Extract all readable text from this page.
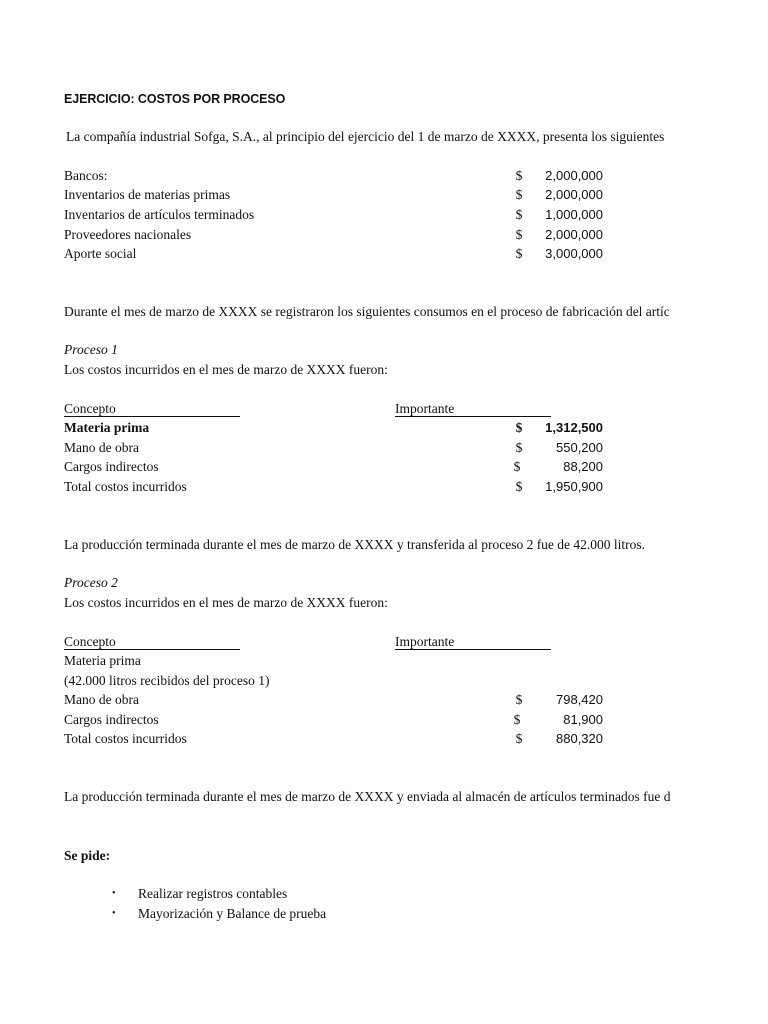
EJERCICIO: COSTOS POR PROCESO
La compañía industrial Sofga, S.A., al principio del ejercicio del 1 de marzo de XXXX, presenta los siguientes
Bancos:	$	2,000,000
Inventarios de materias primas	$	2,000,000
Inventarios de artículos terminados	$	1,000,000
Proveedores nacionales	$	2,000,000
Aporte social	$	3,000,000
Durante el mes de marzo de XXXX se registraron los siguientes consumos en el proceso de fabricación del artíc
Proceso 1
Los costos incurridos en el mes de marzo de XXXX fueron:
Concepto	Importante
Materia prima	$	1,312,500
Mano de obra	$	550,200
Cargos indirectos	$	88,200
Total costos incurridos	$	1,950,900
La producción terminada durante el mes de marzo de XXXX y transferida al proceso 2 fue de 42.000 litros.
Proceso 2
Los costos incurridos en el mes de marzo de XXXX fueron:
Concepto	Importante
Materia prima
(42.000 litros recibidos del proceso 1)
Mano de obra	$	798,420
Cargos indirectos	$	81,900
Total costos incurridos	$	880,320
La producción terminada durante el mes de marzo de XXXX y enviada al almacén de artículos terminados fue d
Se pide:
• Realizar registros contables
• Mayorización y Balance de prueba
